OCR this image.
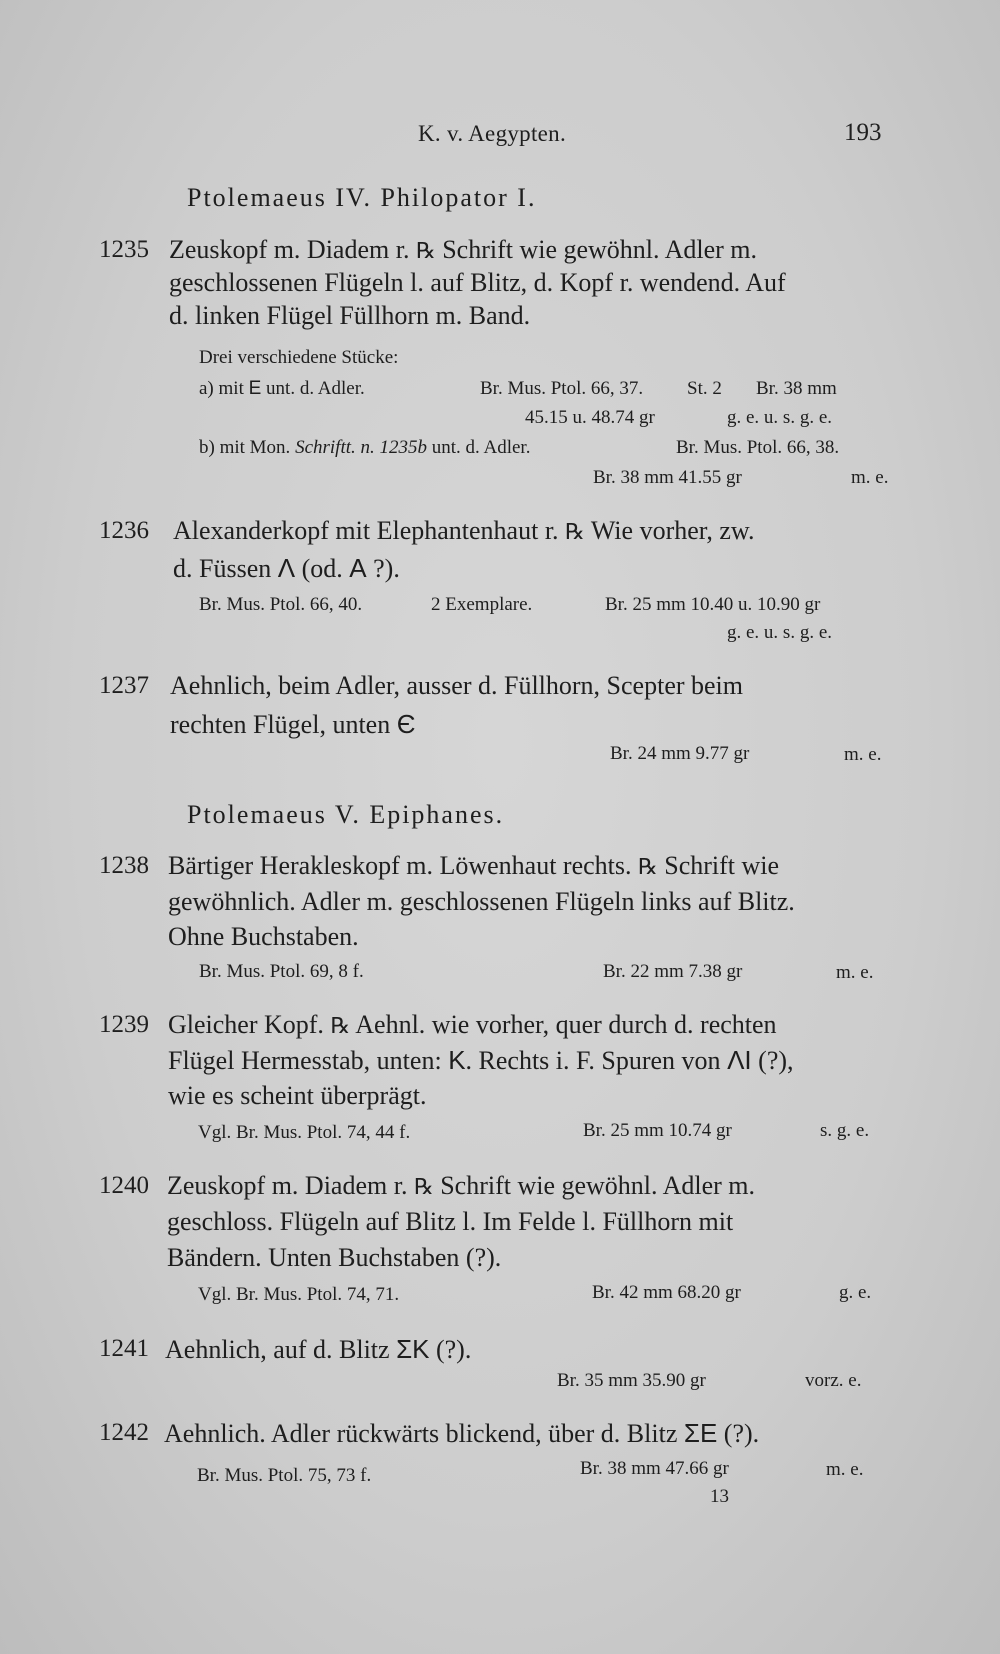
K. v. Aegypten.	193
Ptolemaeus IV. Philopator I.
1235 Zeuskopf m. Diadem r. ℞ Schrift wie gewöhnl. Adler m.
geschlossenen Flügeln l. auf Blitz, d. Kopf r. wendend. Auf
d. linken Flügel Füllhorn m. Band.
Drei verschiedene Stücke:
a) mit E unt. d. Adler.	Br. Mus. Ptol. 66, 37. St. 2 Br. 38 mm
45.15 u. 48.74 gr	g. e. u. s. g. e.
b) mit Mon. Schriftt. n. 1235b unt. d. Adler.	Br. Mus. Ptol. 66, 38.
Br. 38 mm 41.55 gr	m. e.
1236 Alexanderkopf mit Elephantenhaut r. ℞ Wie vorher, zw.
d. Füssen Λ (od. A ?).
Br. Mus. Ptol. 66, 40.	2 Exemplare.	Br. 25 mm 10.40 u. 10.90 gr
g. e. u. s. g. e.
1237 Aehnlich, beim Adler, ausser d. Füllhorn, Scepter beim
rechten Flügel, unten Є
Br. 24 mm 9.77 gr	m. e.
Ptolemaeus V. Epiphanes.
1238 Bärtiger Herakleskopf m. Löwenhaut rechts. ℞ Schrift wie
gewöhnlich. Adler m. geschlossenen Flügeln links auf Blitz.
Ohne Buchstaben.
Br. Mus. Ptol. 69, 8 f.	Br. 22 mm 7.38 gr	m. e.
1239 Gleicher Kopf. ℞ Aehnl. wie vorher, quer durch d. rechten
Flügel Hermesstab, unten: K. Rechts i. F. Spuren von ΛΙ (?),
wie es scheint überprägt.
Vgl. Br. Mus. Ptol. 74, 44 f.	Br. 25 mm 10.74 gr	s. g. e.
1240 Zeuskopf m. Diadem r. ℞ Schrift wie gewöhnl. Adler m.
geschloss. Flügeln auf Blitz l. Im Felde l. Füllhorn mit
Bändern. Unten Buchstaben (?).
Vgl. Br. Mus. Ptol. 74, 71.	Br. 42 mm 68.20 gr	g. e.
1241 Aehnlich, auf d. Blitz ΣΚ (?).
Br. 35 mm 35.90 gr	vorz. e.
1242 Aehnlich. Adler rückwärts blickend, über d. Blitz ΣΕ (?).
Br. Mus. Ptol. 75, 73 f.	Br. 38 mm 47.66 gr	m. e.
13
